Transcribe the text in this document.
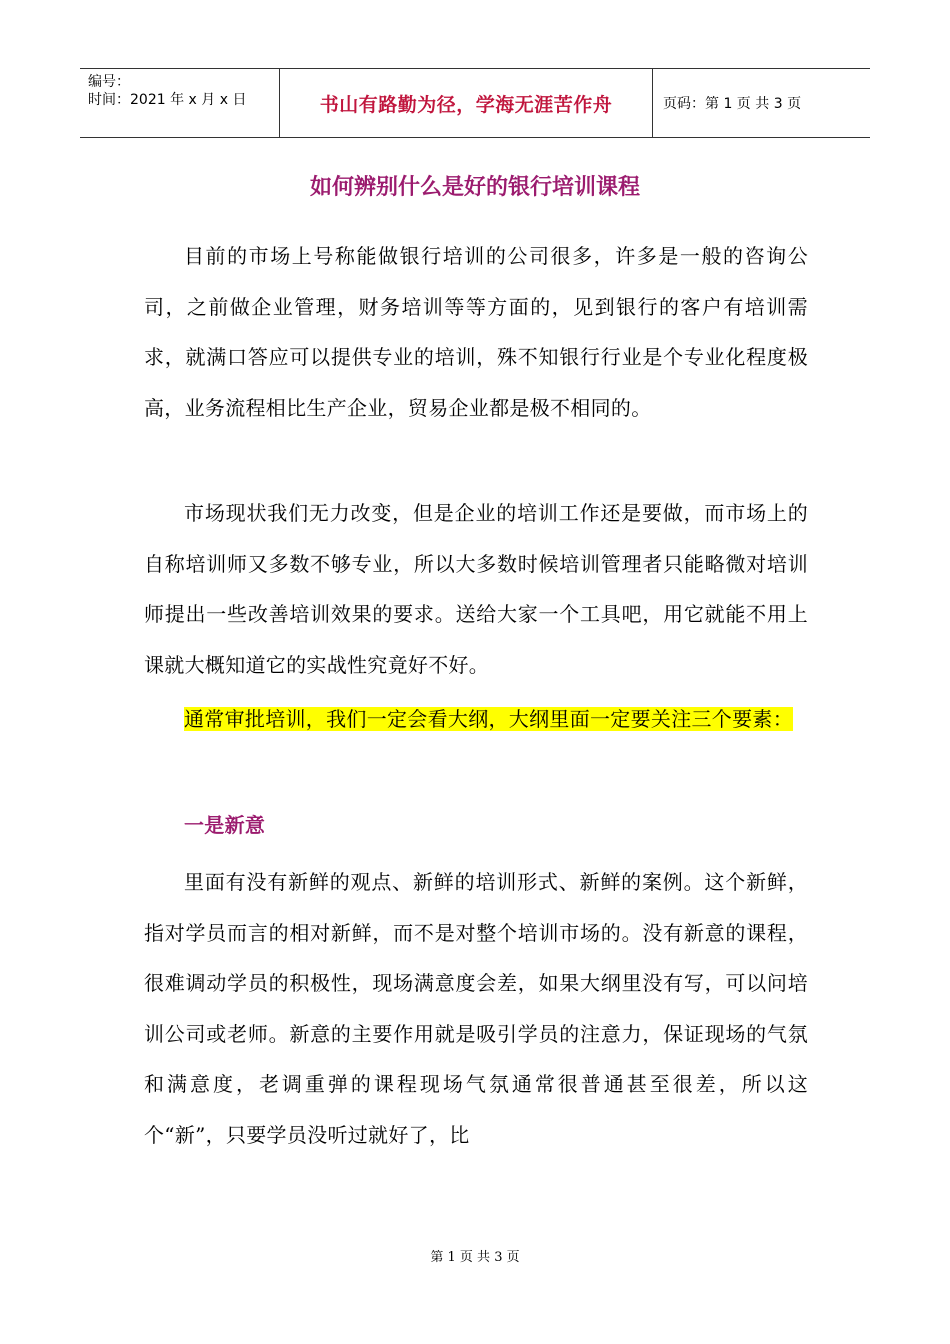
编号：
时间：2021 年 x 月 x 日	书山有路勤为径，学海无涯苦作舟	页码：第 1 页 共 3 页
如何辨别什么是好的银行培训课程

目前的市场上号称能做银行培训的公司很多，许多是一般的咨询公司，之前做企业管理，财务培训等等方面的，见到银行的客户有培训需求，就满口答应可以提供专业的培训，殊不知银行行业是个专业化程度极高，业务流程相比生产企业，贸易企业都是极不相同的。

市场现状我们无力改变，但是企业的培训工作还是要做，而市场上的自称培训师又多数不够专业，所以大多数时候培训管理者只能略微对培训师提出一些改善培训效果的要求。送给大家一个工具吧，用它就能不用上课就大概知道它的实战性究竟好不好。

通常审批培训，我们一定会看大纲，大纲里面一定要关注三个要素：

一是新意

里面有没有新鲜的观点、新鲜的培训形式、新鲜的案例。这个新鲜，指对学员而言的相对新鲜，而不是对整个培训市场的。没有新意的课程，很难调动学员的积极性，现场满意度会差，如果大纲里没有写，可以问培训公司或老师。新意的主要作用就是吸引学员的注意力，保证现场的气氛和满意度，老调重弹的课程现场气氛通常很普通甚至很差，所以这个“新”，只要学员没听过就好了，比

第 1 页 共 3 页
